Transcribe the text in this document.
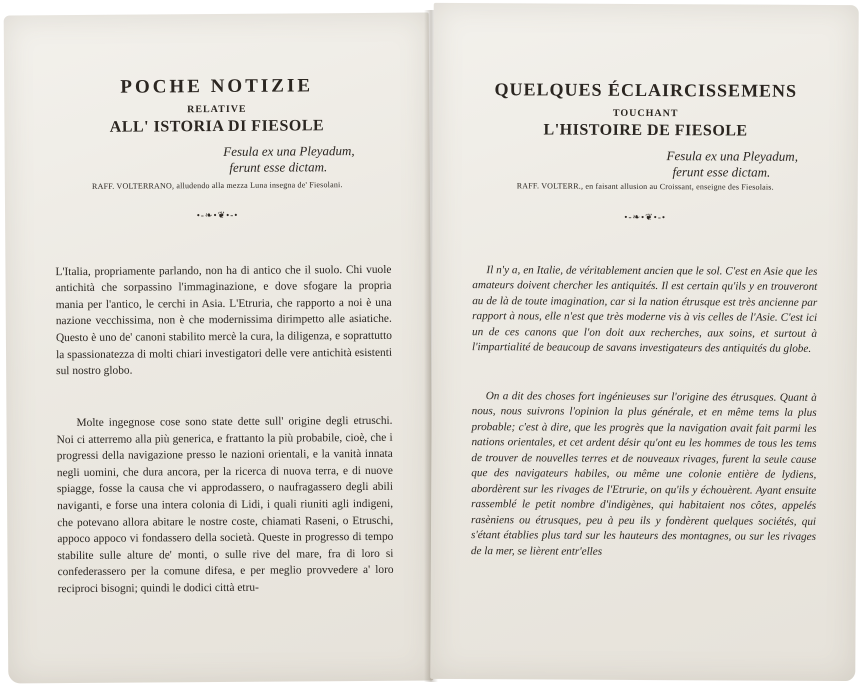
POCHE NOTIZIE
RELATIVE
ALL' ISTORIA DI FIESOLE
Fesula ex una Pleyadum,
ferunt esse dictam.
RAFF. VOLTERRANO, alludendo alla mezza Luna insegna de' Fiesolani.
•-❧•❦•-•

L'Italia, propriamente parlando, non ha di antico che il suolo. Chi vuole antichità che sorpassino l'immaginazione, e dove sfogare la propria mania per l'antico, le cerchi in Asia. L'Etruria, che rapporto a noi è una nazione vecchissima, non è che modernissima dirimpetto alle asiatiche. Questo è uno de' canoni stabilito mercè la cura, la diligenza, e soprattutto la spassionatezza di molti chiari investigatori delle vere antichità esistenti sul nostro globo.

Molte ingegnose cose sono state dette sull' origine degli etruschi. Noi ci atterremo alla più generica, e frattanto la più probabile, cioè, che i progressi della navigazione presso le nazioni orientali, e la vanità innata negli uomini, che dura ancora, per la ricerca di nuova terra, e di nuove spiagge, fosse la causa che vi approdassero, o naufragassero degli abili naviganti, e forse una intera colonia di Lidi, i quali riuniti agli indigeni, che potevano allora abitare le nostre coste, chiamati Raseni, o Etruschi, appoco appoco vi fondassero della società. Queste in progresso di tempo stabilite sulle alture de' monti, o sulle rive del mare, fra di loro si confederassero per la comune difesa, e per meglio provvedere a' loro reciproci bisogni; quindi le dodici città etru-

QUELQUES ÉCLAIRCISSEMENS
TOUCHANT
L'HISTOIRE DE FIESOLE
Fesula ex una Pleyadum,
ferunt esse dictam.
RAFF. VOLTERR., en faisant allusion au Croissant, enseigne des Fiesolais.
•-❧•❦•-•

Il n'y a, en Italie, de véritablement ancien que le sol. C'est en Asie que les amateurs doivent chercher les antiquités. Il est certain qu'ils y en trouveront au de là de toute imagination, car si la nation étrusque est très ancienne par rapport à nous, elle n'est que très moderne vis à vis celles de l'Asie. C'est ici un de ces canons que l'on doit aux recherches, aux soins, et surtout à l'impartialité de beaucoup de savans investigateurs des antiquités du globe.

On a dit des choses fort ingénieuses sur l'origine des étrusques. Quant à nous, nous suivrons l'opinion la plus générale, et en même tems la plus probable; c'est à dire, que les progrès que la navigation avait fait parmi les nations orientales, et cet ardent désir qu'ont eu les hommes de tous les tems de trouver de nouvelles terres et de nouveaux rivages, furent la seule cause que des navigateurs habiles, ou même une colonie entière de lydiens, abordèrent sur les rivages de l'Etrurie, on qu'ils y échouèrent. Ayant ensuite rassemblé le petit nombre d'indigènes, qui habitaient nos côtes, appelés rasèniens ou étrusques, peu à peu ils y fondèrent quelques sociétés, qui s'étant établies plus tard sur les hauteurs des montagnes, ou sur les rivages de la mer, se lièrent entr'elles
